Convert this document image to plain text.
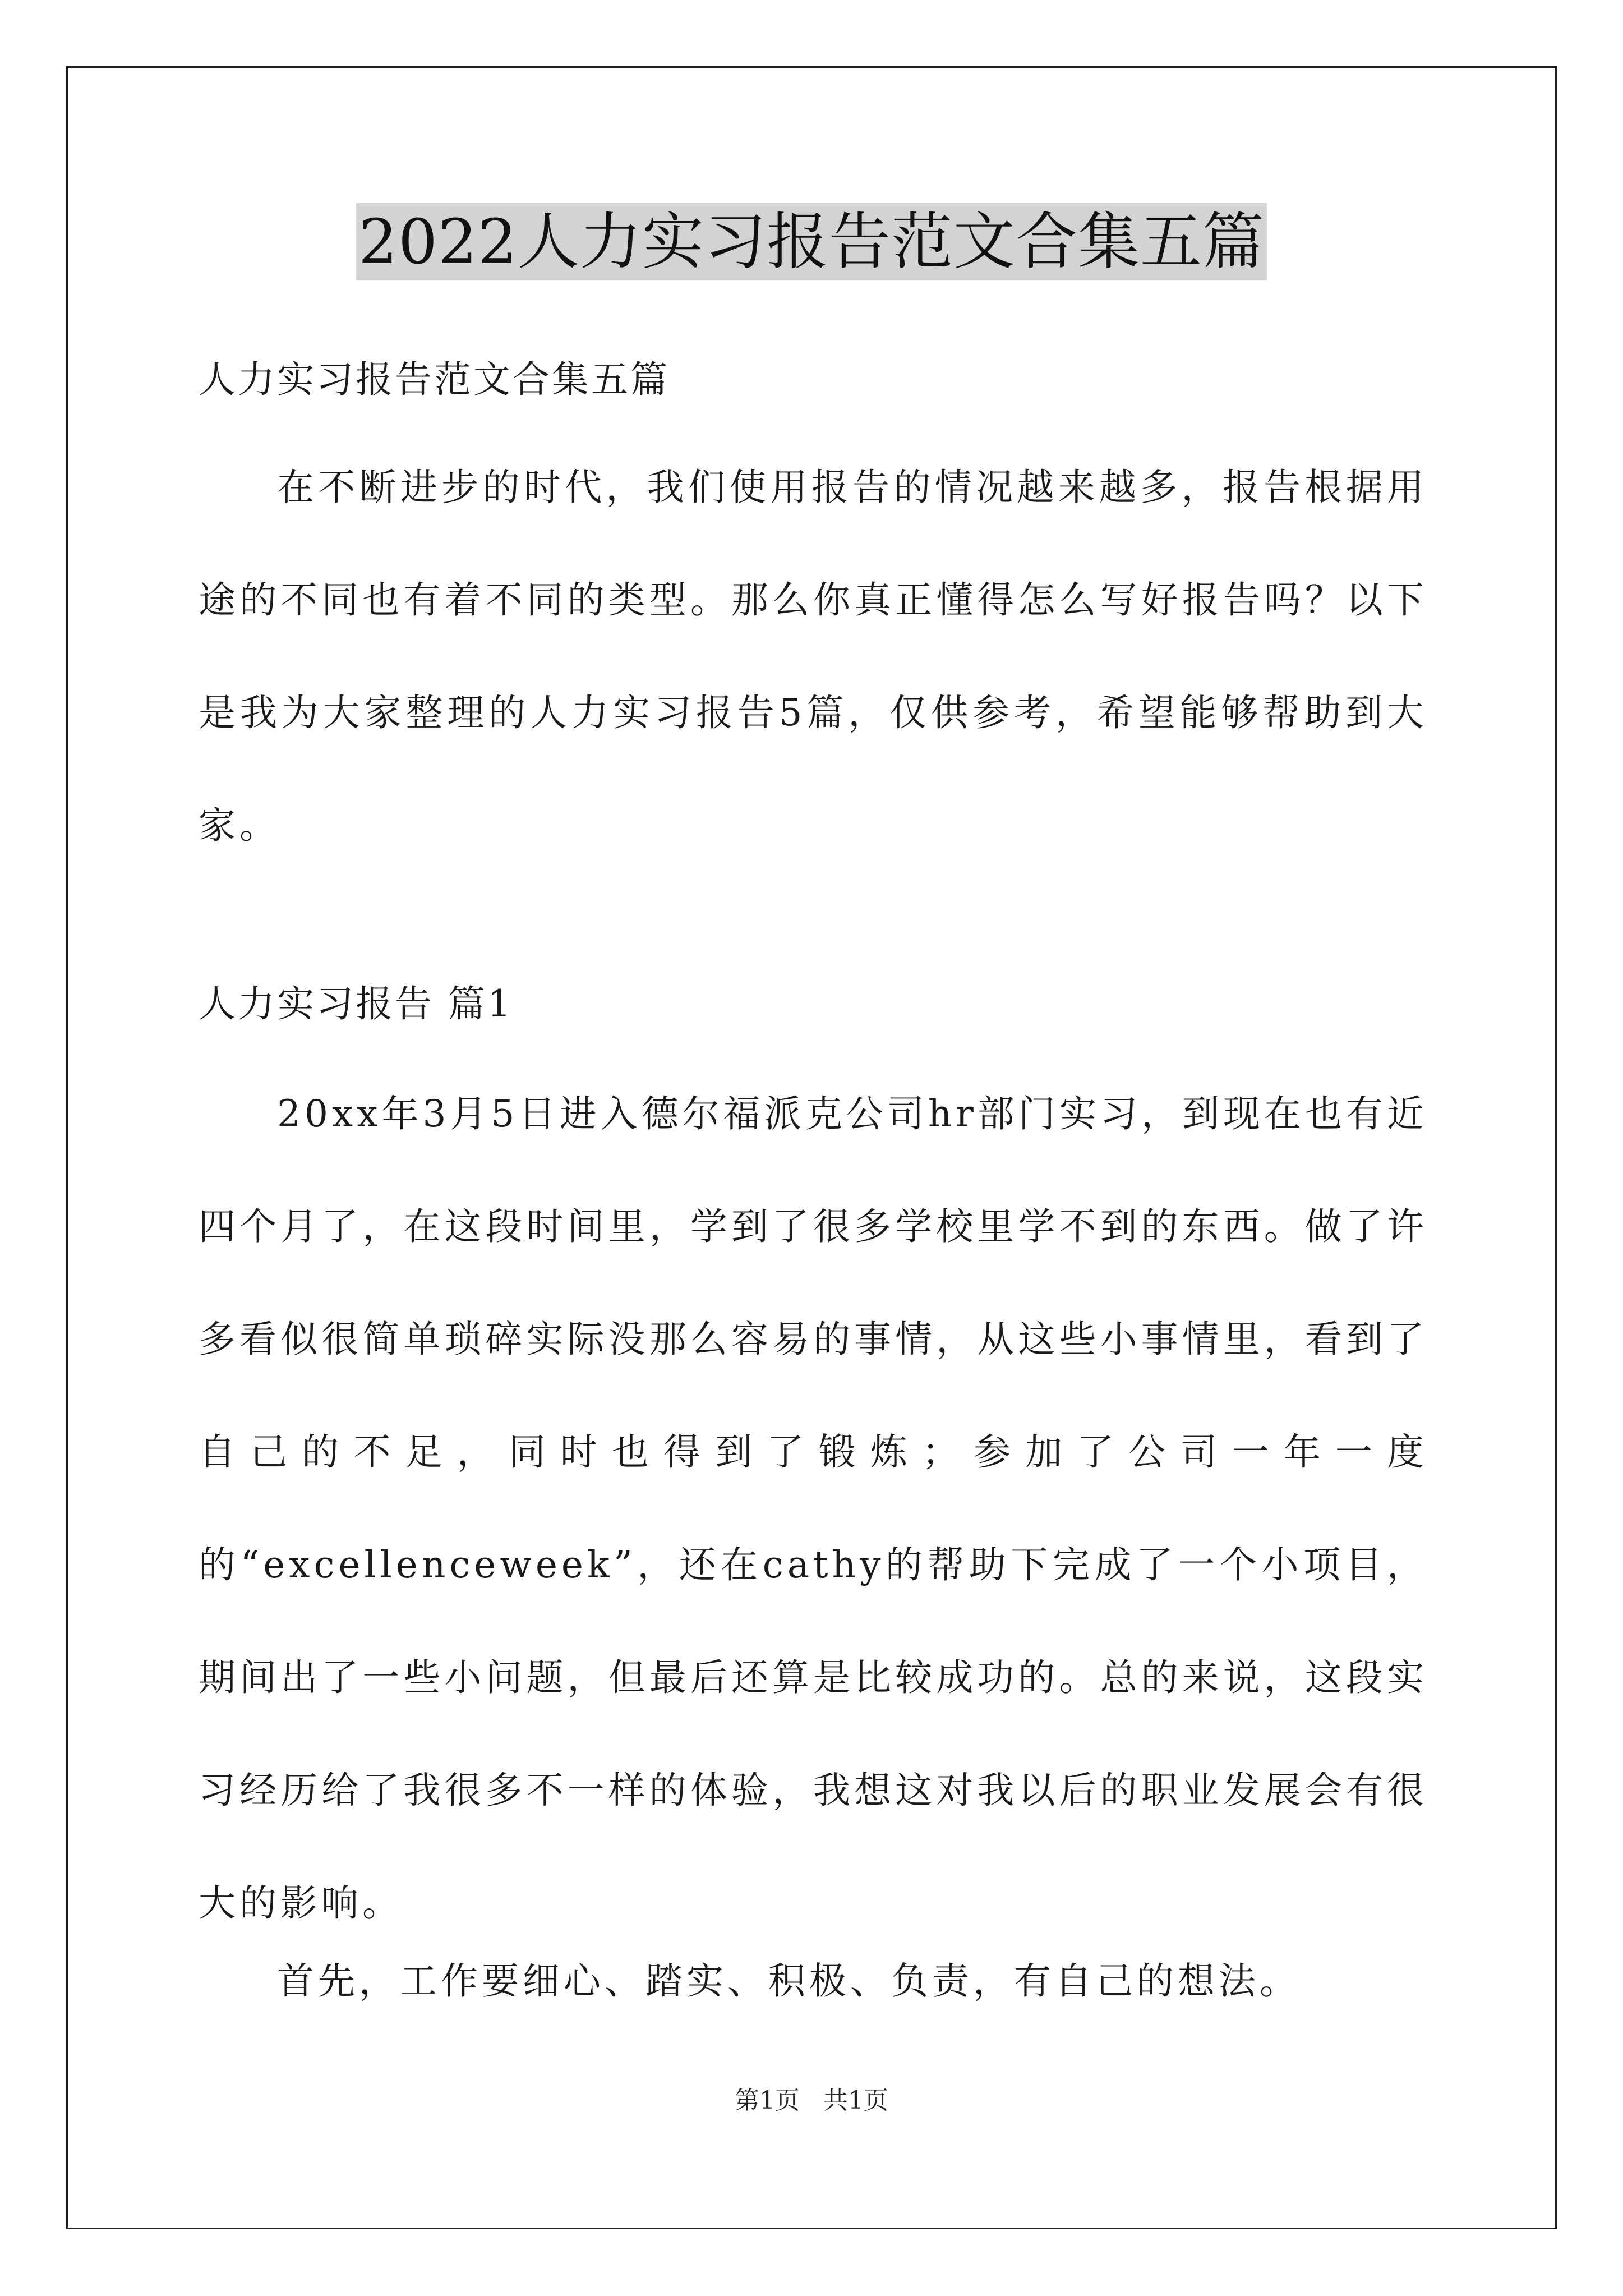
2022人力实习报告范文合集五篇
人力实习报告范文合集五篇

在不断进步的时代，我们使用报告的情况越来越多，报告根据用途的不同也有着不同的类型。那么你真正懂得怎么写好报告吗？以下是我为大家整理的人力实习报告5篇，仅供参考，希望能够帮助到大家。

人力实习报告 篇1

20xx年3月5日进入德尔福派克公司hr部门实习，到现在也有近四个月了，在这段时间里，学到了很多学校里学不到的东西。做了许多看似很简单琐碎实际没那么容易的事情，从这些小事情里，看到了自己的不足，同时也得到了锻炼；参加了公司一年一度的“excellenceweek”，还在cathy的帮助下完成了一个小项目，期间出了一些小问题，但最后还算是比较成功的。总的来说，这段实习经历给了我很多不一样的体验，我想这对我以后的职业发展会有很大的影响。

首先，工作要细心、踏实、积极、负责，有自己的想法。

第1页 共1页
